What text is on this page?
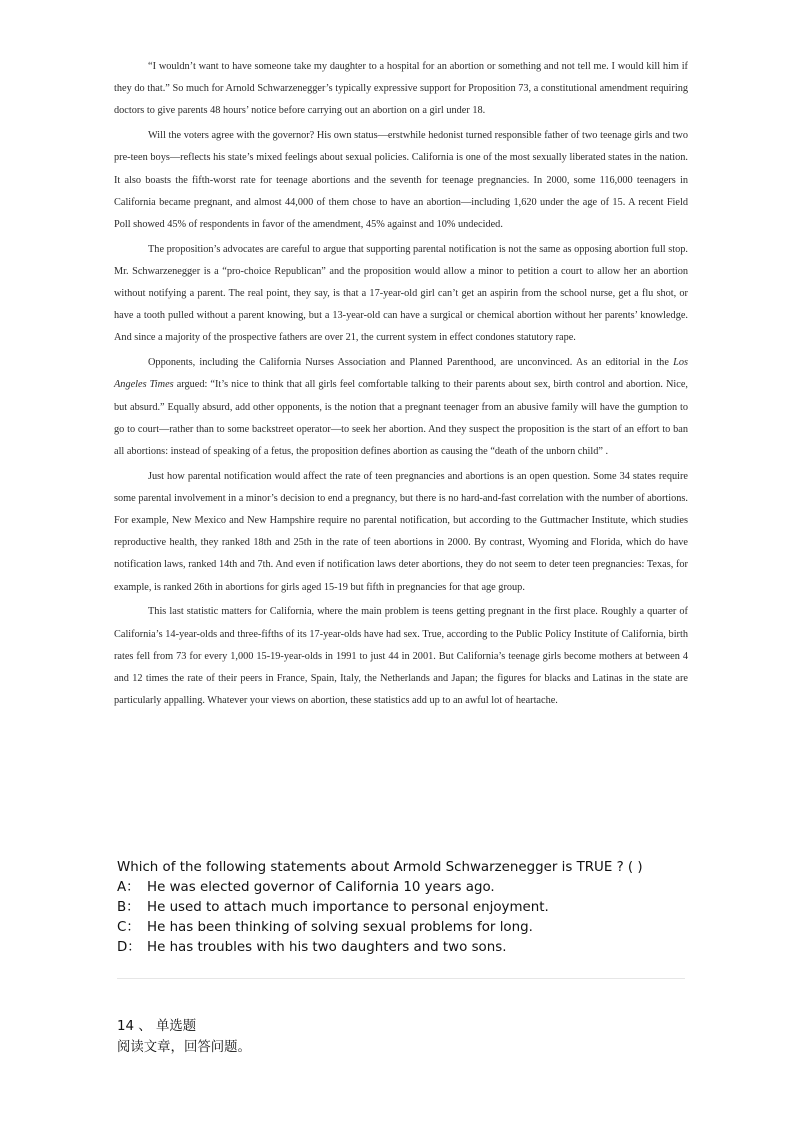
“I wouldn’t want to have someone take my daughter to a hospital for an abortion or something and not tell me. I would kill him if they do that.” So much for Arnold Schwarzenegger’s typically expressive support for Proposition 73, a constitutional amendment requiring doctors to give parents 48 hours’ notice before carrying out an abortion on a girl under 18.

Will the voters agree with the governor? His own status—erstwhile hedonist turned responsible father of two teenage girls and two pre-teen boys—reflects his state’s mixed feelings about sexual policies. California is one of the most sexually liberated states in the nation. It also boasts the fifth-worst rate for teenage abortions and the seventh for teenage pregnancies. In 2000, some 116,000 teenagers in California became pregnant, and almost 44,000 of them chose to have an abortion—including 1,620 under the age of 15. A recent Field Poll showed 45% of respondents in favor of the amendment, 45% against and 10% undecided.

The proposition’s advocates are careful to argue that supporting parental notification is not the same as opposing abortion full stop. Mr. Schwarzenegger is a “pro-choice Republican” and the proposition would allow a minor to petition a court to allow her an abortion without notifying a parent. The real point, they say, is that a 17-year-old girl can’t get an aspirin from the school nurse, get a flu shot, or have a tooth pulled without a parent knowing, but a 13-year-old can have a surgical or chemical abortion without her parents’ knowledge. And since a majority of the prospective fathers are over 21, the current system in effect condones statutory rape.

Opponents, including the California Nurses Association and Planned Parenthood, are unconvinced. As an editorial in the Los Angeles Times argued: “It’s nice to think that all girls feel comfortable talking to their parents about sex, birth control and abortion. Nice, but absurd.” Equally absurd, add other opponents, is the notion that a pregnant teenager from an abusive family will have the gumption to go to court—rather than to some backstreet operator—to seek her abortion. And they suspect the proposition is the start of an effort to ban all abortions: instead of speaking of a fetus, the proposition defines abortion as causing the “death of the unborn child” .

Just how parental notification would affect the rate of teen pregnancies and abortions is an open question. Some 34 states require some parental involvement in a minor’s decision to end a pregnancy, but there is no hard-and-fast correlation with the number of abortions. For example, New Mexico and New Hampshire require no parental notification, but according to the Guttmacher Institute, which studies reproductive health, they ranked 18th and 25th in the rate of teen abortions in 2000. By contrast, Wyoming and Florida, which do have notification laws, ranked 14th and 7th. And even if notification laws deter abortions, they do not seem to deter teen pregnancies: Texas, for example, is ranked 26th in abortions for girls aged 15-19 but fifth in pregnancies for that age group.

This last statistic matters for California, where the main problem is teens getting pregnant in the first place. Roughly a quarter of California’s 14-year-olds and three-fifths of its 17-year-olds have had sex. True, according to the Public Policy Institute of California, birth rates fell from 73 for every 1,000 15-19-year-olds in 1991 to just 44 in 2001. But California’s teenage girls become mothers at between 4 and 12 times the rate of their peers in France, Spain, Italy, the Netherlands and Japan; the figures for blacks and Latinas in the state are particularly appalling. Whatever your views on abortion, these statistics add up to an awful lot of heartache.

Which of the following statements about Armold Schwarzenegger is TRUE ? ( )
A： He was elected governor of California 10 years ago.
B： He used to attach much importance to personal enjoyment.
C： He has been thinking of solving sexual problems for long.
D： He has troubles with his two daughters and two sons.
14 、 单选题
阅读文章，回答问题。
